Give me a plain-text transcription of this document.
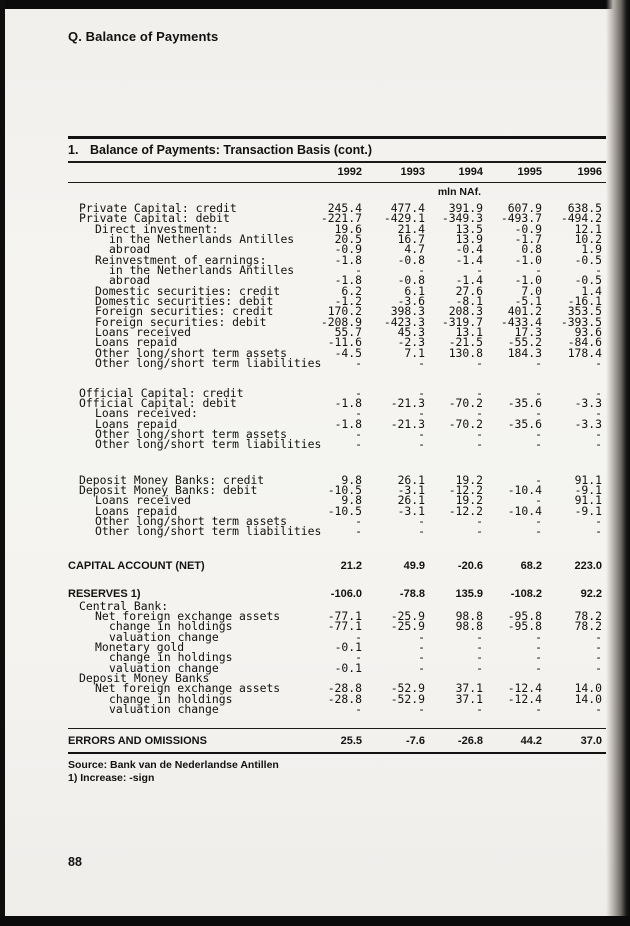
Q. Balance of Payments
1. Balance of Payments: Transaction Basis (cont.)
1992	1993	1994	1995	1996
mln NAf.
Private Capital: credit	245.4	477.4	391.9	607.9	638.5
Private Capital: debit	-221.7	-429.1	-349.3	-493.7	-494.2
Direct investment:	19.6	21.4	13.5	-0.9	12.1
in the Netherlands Antilles	20.5	16.7	13.9	-1.7	10.2
abroad	-0.9	4.7	-0.4	0.8	1.9
Reinvestment of earnings:	-1.8	-0.8	-1.4	-1.0	-0.5
in the Netherlands Antilles	-	-	-	-	-
abroad	-1.8	-0.8	-1.4	-1.0	-0.5
Domestic securities: credit	6.2	6.1	27.6	7.0	1.4
Domestic securities: debit	-1.2	-3.6	-8.1	-5.1	-16.1
Foreign securities: credit	170.2	398.3	208.3	401.2	353.5
Foreign securities: debit	-208.9	-423.3	-319.7	-433.4	-393.5
Loans received	55.7	45.3	13.1	17.3	93.6
Loans repaid	-11.6	-2.3	-21.5	-55.2	-84.6
Other long/short term assets	-4.5	7.1	130.8	184.3	178.4
Other long/short term liabilities	-	-	-	-	-
Official Capital: credit	-	-	-	-	-
Official Capital: debit	-1.8	-21.3	-70.2	-35.6	-3.3
Loans received:	-	-	-	-	-
Loans repaid	-1.8	-21.3	-70.2	-35.6	-3.3
Other long/short term assets	-	-	-	-	-
Other long/short term liabilities	-	-	-	-	-
Deposit Money Banks: credit	9.8	26.1	19.2	-	91.1
Deposit Money Banks: debit	-10.5	-3.1	-12.2	-10.4	-9.1
Loans received	9.8	26.1	19.2	-	91.1
Loans repaid	-10.5	-3.1	-12.2	-10.4	-9.1
Other long/short term assets	-	-	-	-	-
Other long/short term liabilities	-	-	-	-	-
CAPITAL ACCOUNT (NET)	21.2	49.9	-20.6	68.2	223.0
RESERVES 1)	-106.0	-78.8	135.9	-108.2	92.2
Central Bank:
Net foreign exchange assets	-77.1	-25.9	98.8	-95.8	78.2
change in holdings	-77.1	-25.9	98.8	-95.8	78.2
valuation change	-	-	-	-	-
Monetary gold	-0.1	-	-	-	-
change in holdings	-	-	-	-	-
valuation change	-0.1	-	-	-	-
Deposit Money Banks
Net foreign exchange assets	-28.8	-52.9	37.1	-12.4	14.0
change in holdings	-28.8	-52.9	37.1	-12.4	14.0
valuation change	-	-	-	-	-
ERRORS AND OMISSIONS	25.5	-7.6	-26.8	44.2	37.0
Source: Bank van de Nederlandse Antillen
1) Increase: -sign
88
